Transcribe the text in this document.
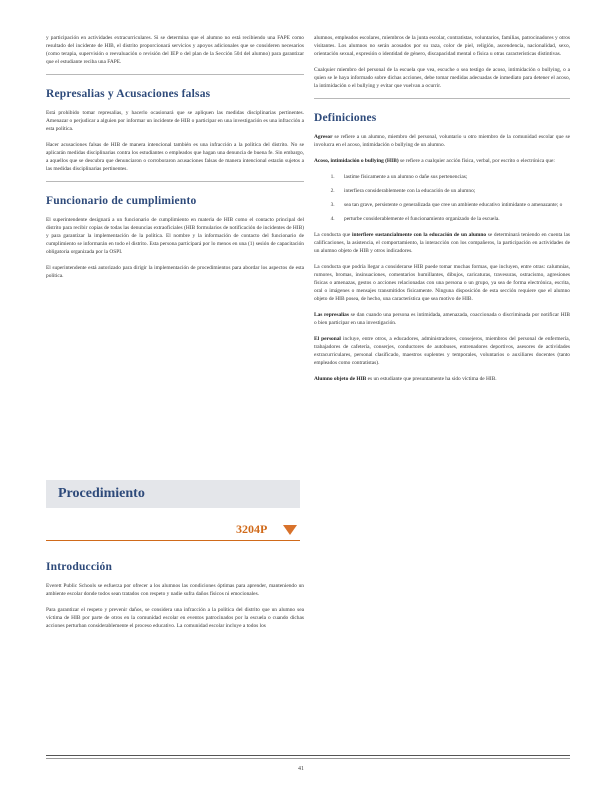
y participación en actividades extracurriculares. Si se determina que el alumno no está recibiendo una FAPE como resultado del incidente de HIB, el distrito proporcionará servicios y apoyos adicionales que se consideren necesarios (como terapia, supervisión o reevaluación o revisión del IEP o del plan de la Sección 504 del alumno) para garantizar que el estudiante reciba una FAPE.

Represalias y Acusaciones falsas

Está prohibido tomar represalias, y hacerlo ocasionará que se apliquen las medidas disciplinarias pertinentes. Amenazar o perjudicar a alguien por informar un incidente de HIB o participar en una investigación es una infracción a esta política.

Hacer acusaciones falsas de HIB de manera intencional también es una infracción a la política del distrito. No se aplicarán medidas disciplinarias contra los estudiantes o empleados que hagan una denuncia de buena fe. Sin embargo, a aquellos que se descubra que denunciaron o corroboraron acusaciones falsas de manera intencional estarán sujetos a las medidas disciplinarias pertinentes.

Funcionario de cumplimiento

El superintendente designará a un funcionario de cumplimiento en materia de HIB como el contacto principal del distrito para recibir copias de todas las denuncias extraoficiales (HIB formularios de notificación de incidentes de HIB) y para garantizar la implementación de la política. El nombre y la información de contacto del funcionario de cumplimiento se informarán en todo el distrito. Esta persona participará por lo menos en una (1) sesión de capacitación obligatoria organizada por la OSPI.

El superintendente está autorizado para dirigir la implementación de procedimientos para abordar los aspectos de esta política.

Procedimiento
3204P
Introducción

Everett Public Schools se esfuerza por ofrecer a los alumnos las condiciones óptimas para aprender, manteniendo un ambiente escolar donde todos sean tratados con respeto y nadie sufra daños físicos ni emocionales.

Para garantizar el respeto y prevenir daños, se considera una infracción a la política del distrito que un alumno sea víctima de HIB por parte de otros en la comunidad escolar en eventos patrocinados por la escuela o cuando dichas acciones perturban considerablemente el proceso educativo. La comunidad escolar incluye a todos los

alumnos, empleados escolares, miembros de la junta escolar, contratistas, voluntarios, familias, patrocinadores y otros visitantes. Los alumnos no serán acosados por su raza, color de piel, religión, ascendencia, nacionalidad, sexo, orientación sexual, expresión o identidad de género, discapacidad mental o física u otras características distintivas.

Cualquier miembro del personal de la escuela que vea, escuche o sea testigo de acoso, intimidación o bullying, o a quien se le haya informado sobre dichas acciones, debe tomar medidas adecuadas de inmediato para detener el acoso, la intimidación o el bullying y evitar que vuelvan a ocurrir.

Definiciones

Agresor se refiere a un alumno, miembro del personal, voluntario u otro miembro de la comunidad escolar que se involucra en el acoso, intimidación o bullying de un alumno.

Acoso, intimidación o bullying (HIB) se refiere a cualquier acción física, verbal, por escrito o electrónica que:

1. lastime físicamente a un alumno o dañe sus pertenencias;
2. interfiera considerablemente con la educación de un alumno;
3. sea tan grave, persistente o generalizada que cree un ambiente educativo intimidante o amenazante; o
4. perturbe considerablemente el funcionamiento organizado de la escuela.

La conducta que interfiere sustancialmente con la educación de un alumno se determinará teniendo en cuenta las calificaciones, la asistencia, el comportamiento, la interacción con los compañeros, la participación en actividades de un alumno objeto de HIB y otros indicadores.

La conducta que podría llegar a considerarse HIB puede tomar muchas formas, que incluyen, entre otras: calumnias, rumores, bromas, insinuaciones, comentarios humillantes, dibujos, caricaturas, travesuras, ostracismo, agresiones físicas o amenazas, gestos o acciones relacionadas con una persona o un grupo, ya sea de forma electrónica, escrita, oral o imágenes o mensajes transmitidos físicamente. Ninguna disposición de esta sección requiere que el alumno objeto de HIB posea, de hecho, una característica que sea motivo de HIB.

Las represalias se dan cuando una persona es intimidada, amenazada, coaccionada o discriminada por notificar HIB o bien participar en una investigación.

El personal incluye, entre otros, a educadores, administradores, consejeros, miembros del personal de enfermería, trabajadores de cafetería, conserjes, conductores de autobuses, entrenadores deportivos, asesores de actividades extracurriculares, personal clasificado, maestros suplentes y temporales, voluntarios o auxiliares docentes (tanto empleados como contratistas).

Alumno objeto de HIB es un estudiante que presuntamente ha sido víctima de HIB.

41
